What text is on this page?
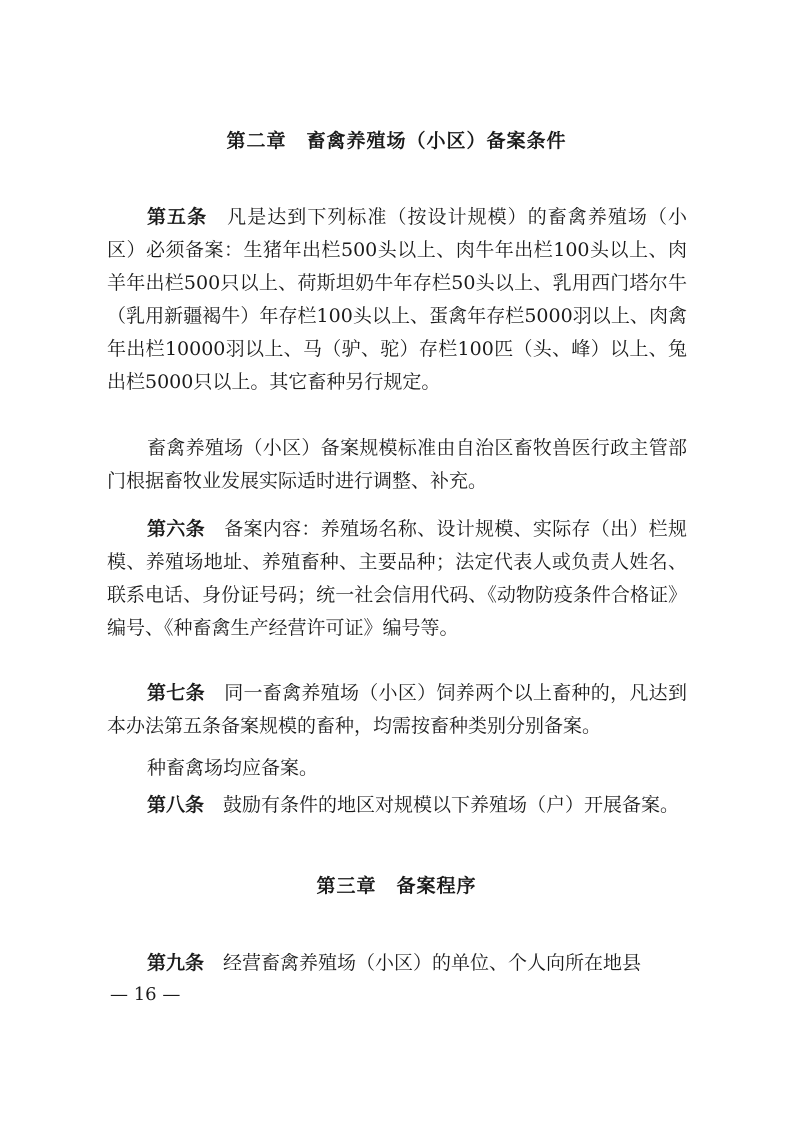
第二章　畜禽养殖场（小区）备案条件

第五条　 凡是达到下列标准（按设计规模）的畜禽养殖场（小区）必须备案：生猪年出栏500头以上、肉牛年出栏100头以上、肉羊年出栏500只以上、荷斯坦奶牛年存栏50头以上、乳用西门塔尔牛（乳用新疆褐牛）年存栏100头以上、蛋禽年存栏5000羽以上、肉禽年出栏10000羽以上、马（驴、驼）存栏100匹（头、峰）以上、兔出栏5000只以上。其它畜种另行规定。

畜禽养殖场（小区）备案规模标准由自治区畜牧兽医行政主管部门根据畜牧业发展实际适时进行调整、补充。

第六条　 备案内容：养殖场名称、设计规模、实际存（出）栏规模、养殖场地址、养殖畜种、主要品种；法定代表人或负责人姓名、联系电话、身份证号码；统一社会信用代码、《动物防疫条件合格证》编号、《种畜禽生产经营许可证》编号等。

第七条　 同一畜禽养殖场（小区）饲养两个以上畜种的，凡达到本办法第五条备案规模的畜种，均需按畜种类别分别备案。

种畜禽场均应备案。

第八条　 鼓励有条件的地区对规模以下养殖场（户）开展备案。

第三章　备案程序

第九条　 经营畜禽养殖场（小区）的单位、个人向所在地县

— 16 —
